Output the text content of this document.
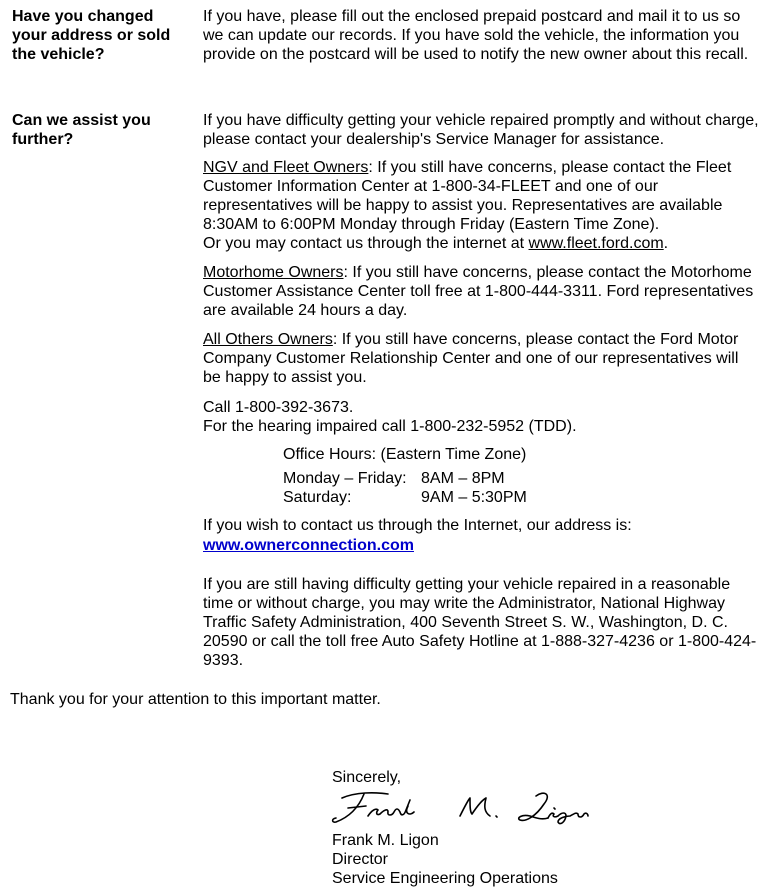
Have you changed your address or sold the vehicle?

If you have, please fill out the enclosed prepaid postcard and mail it to us so we can update our records. If you have sold the vehicle, the information you provide on the postcard will be used to notify the new owner about this recall.

Can we assist you further?

If you have difficulty getting your vehicle repaired promptly and without charge, please contact your dealership's Service Manager for assistance.

NGV and Fleet Owners: If you still have concerns, please contact the Fleet Customer Information Center at 1-800-34-FLEET and one of our representatives will be happy to assist you. Representatives are available 8:30AM to 6:00PM Monday through Friday (Eastern Time Zone).
Or you may contact us through the internet at www.fleet.ford.com.

Motorhome Owners: If you still have concerns, please contact the Motorhome Customer Assistance Center toll free at 1-800-444-3311. Ford representatives are available 24 hours a day.

All Others Owners: If you still have concerns, please contact the Ford Motor Company Customer Relationship Center and one of our representatives will be happy to assist you.

Call 1-800-392-3673.
For the hearing impaired call 1-800-232-5952 (TDD).
Office Hours: (Eastern Time Zone)
Monday – Friday: 8AM – 8PM
Saturday:	9AM – 5:30PM
If you wish to contact us through the Internet, our address is:
www.ownerconnection.com

If you are still having difficulty getting your vehicle repaired in a reasonable time or without charge, you may write the Administrator, National Highway Traffic Safety Administration, 400 Seventh Street S. W., Washington, D. C. 20590 or call the toll free Auto Safety Hotline at 1-888-327-4236 or 1-800-424-9393.

Thank you for your attention to this important matter.
Sincerely,
Frank M. Ligon
Frank M. Ligon
Director
Service Engineering Operations
